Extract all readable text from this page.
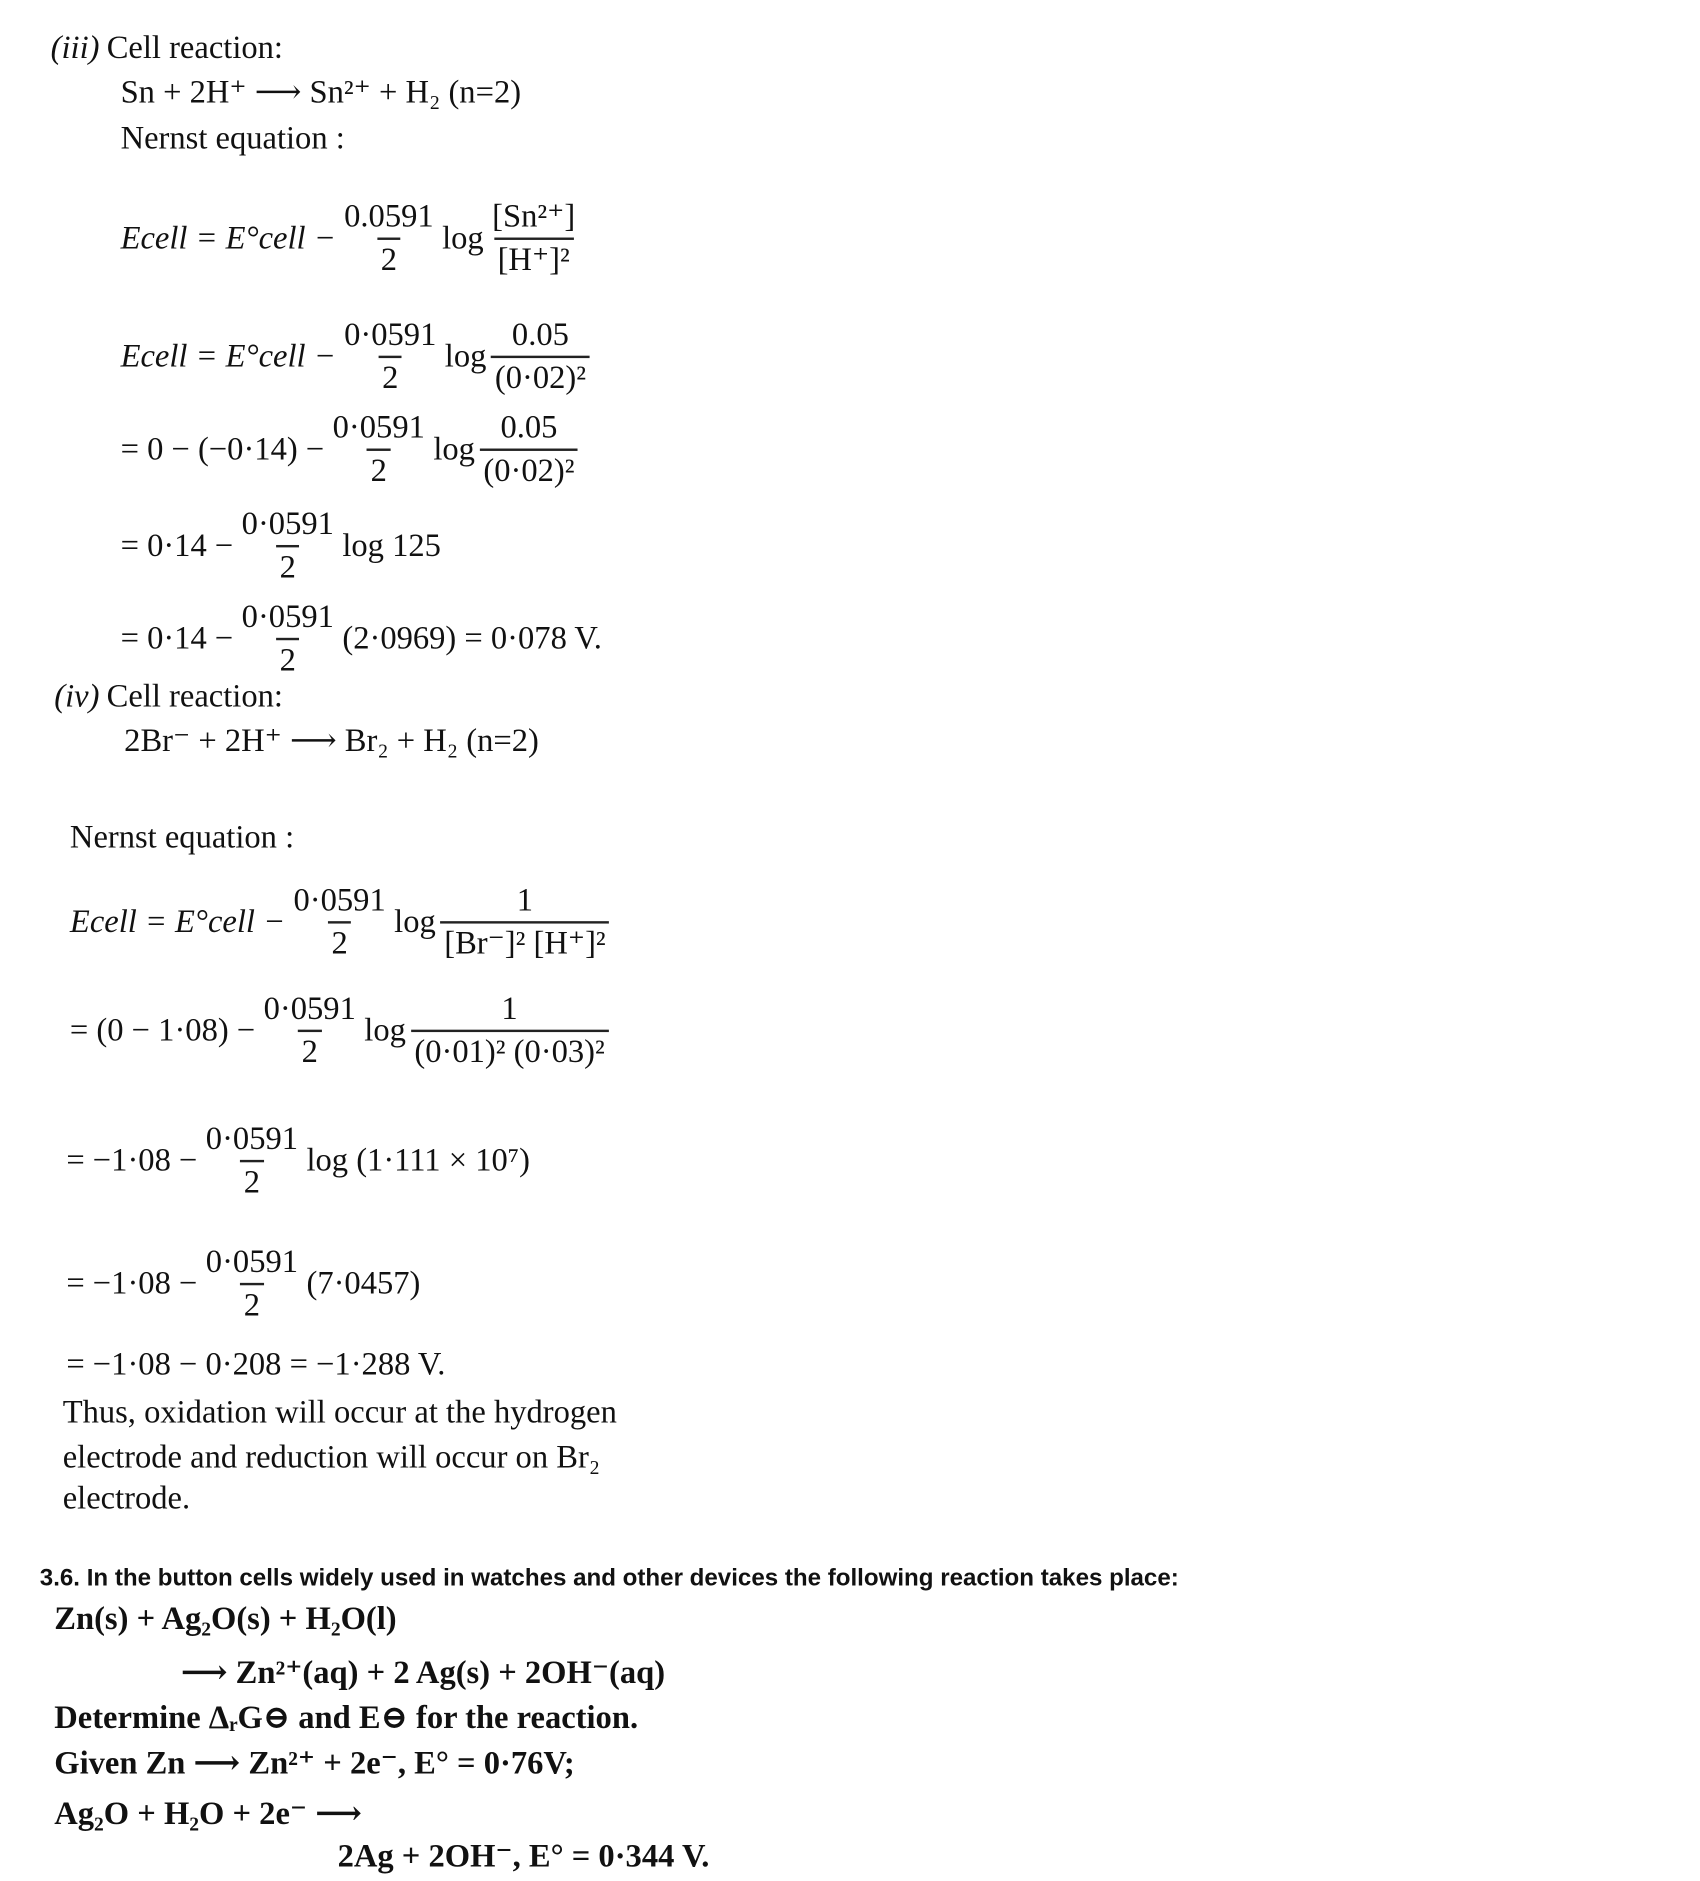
(iii) Cell reaction:
Sn + 2H⁺ ⟶ Sn²⁺ + H₂ (n=2)
Nernst equation :
Ecell = E°cell − $\frac{0.0591}{2}$ $\log \frac{\text{[Sn²⁺]}}{\text{[H⁺]²}}$
Ecell = E°cell − $\frac{0\cdot 0591}{2}$ $\log \frac{0.05}{\text{(0·02)²}}$
= $0 - (-0\cdot 14) - \frac{0\cdot 0591}{2}$ $\log \frac{0.05}{\text{(0·02)²}}$
= $0\cdot 14 - \frac{0\cdot 0591}{2}$ log 125
= $0\cdot 14 - \frac{0\cdot 0591}{2} (2\cdot 0969) = 0\cdot 078$ V.
(iv) Cell reaction:
2Br⁻ + 2H⁺ ⟶ Br₂ + H₂ (n=2)
Nernst equation :
Ecell = E°cell − $\frac{0\cdot 0591}{2}$ $\log \frac{1}{\text{[Br⁻]² [H⁺]²}}$
= $(0 - 1\cdot 08) - \frac{0\cdot 0591}{2}$ $\log \frac{1}{\text{(0·01)² (0·03)²}}$
= $-1\cdot 08 - \frac{0\cdot 0591}{2}$ log (1·111 × 10⁷)
= $-1\cdot 08 - \frac{0\cdot 0591}{2} (7\cdot 0457)$
= −1·08 − 0·208 = −1·288 V.
Thus, oxidation will occur at the hydrogen
electrode and reduction will occur on Br₂
electrode.
3.6. In the button cells widely used in watches and other devices the following reaction takes place:
Zn(s) + Ag₂O(s) + H₂O(l)
⟶ Zn²⁺(aq) + 2 Ag(s) + 2OH⁻(aq)
Determine ΔᵣG⊖ and E⊖ for the reaction.
Given Zn ⟶ Zn²⁺ + 2e⁻, E° = 0·76V;
Ag₂O + H₂O + 2e⁻ ⟶
2Ag + 2OH⁻, E° = 0·344 V.
